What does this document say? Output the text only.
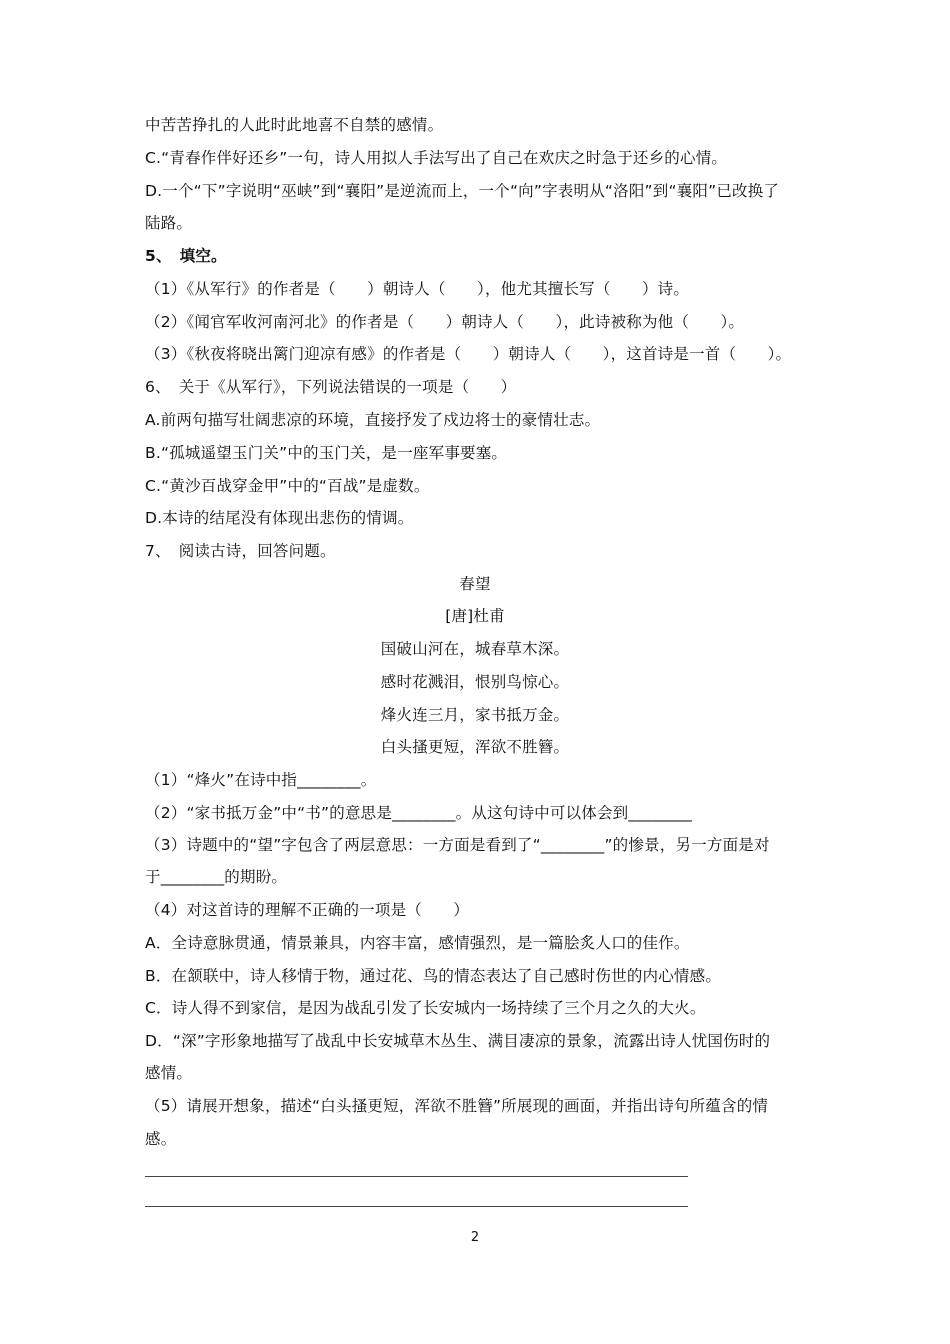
中苦苦挣扎的人此时此地喜不自禁的感情。
C.“青春作伴好还乡”一句，诗人用拟人手法写出了自己在欢庆之时急于还乡的心情。
D.一个“下”字说明“巫峡”到“襄阳”是逆流而上，一个“向”字表明从“洛阳”到“襄阳”已改换了
陆路。
5、　填空。
（1）《从军行》的作者是（　　）朝诗人（　　），他尤其擅长写（　　）诗。
（2）《闻官军收河南河北》的作者是（　　）朝诗人（　　），此诗被称为他（　　）。
（3）《秋夜将晓出篱门迎凉有感》的作者是（　　）朝诗人（　　），这首诗是一首（　　）。
6、　关于《从军行》，下列说法错误的一项是（　　）
A.前两句描写壮阔悲凉的环境，直接抒发了戍边将士的豪情壮志。
B.“孤城遥望玉门关”中的玉门关，是一座军事要塞。
C.“黄沙百战穿金甲”中的“百战”是虚数。
D.本诗的结尾没有体现出悲伤的情调。
7、　阅读古诗，回答问题。
春望
[唐]杜甫
国破山河在，城春草木深。
感时花溅泪，恨别鸟惊心。
烽火连三月，家书抵万金。
白头搔更短，浑欲不胜簪。
（1）“烽火”在诗中指________。
（2）“家书抵万金”中“书”的意思是________。从这句诗中可以体会到________
（3）诗题中的“望”字包含了两层意思：一方面是看到了“________”的惨景，另一方面是对
于________的期盼。
（4）对这首诗的理解不正确的一项是（　　）
A．全诗意脉贯通，情景兼具，内容丰富，感情强烈，是一篇脍炙人口的佳作。
B．在颔联中，诗人移情于物，通过花、鸟的情态表达了自己感时伤世的内心情感。
C．诗人得不到家信，是因为战乱引发了长安城内一场持续了三个月之久的大火。
D．“深”字形象地描写了战乱中长安城草木丛生、满目凄凉的景象，流露出诗人忧国伤时的
感情。
（5）请展开想象，描述“白头搔更短，浑欲不胜簪”所展现的画面，并指出诗句所蕴含的情
感。
2
